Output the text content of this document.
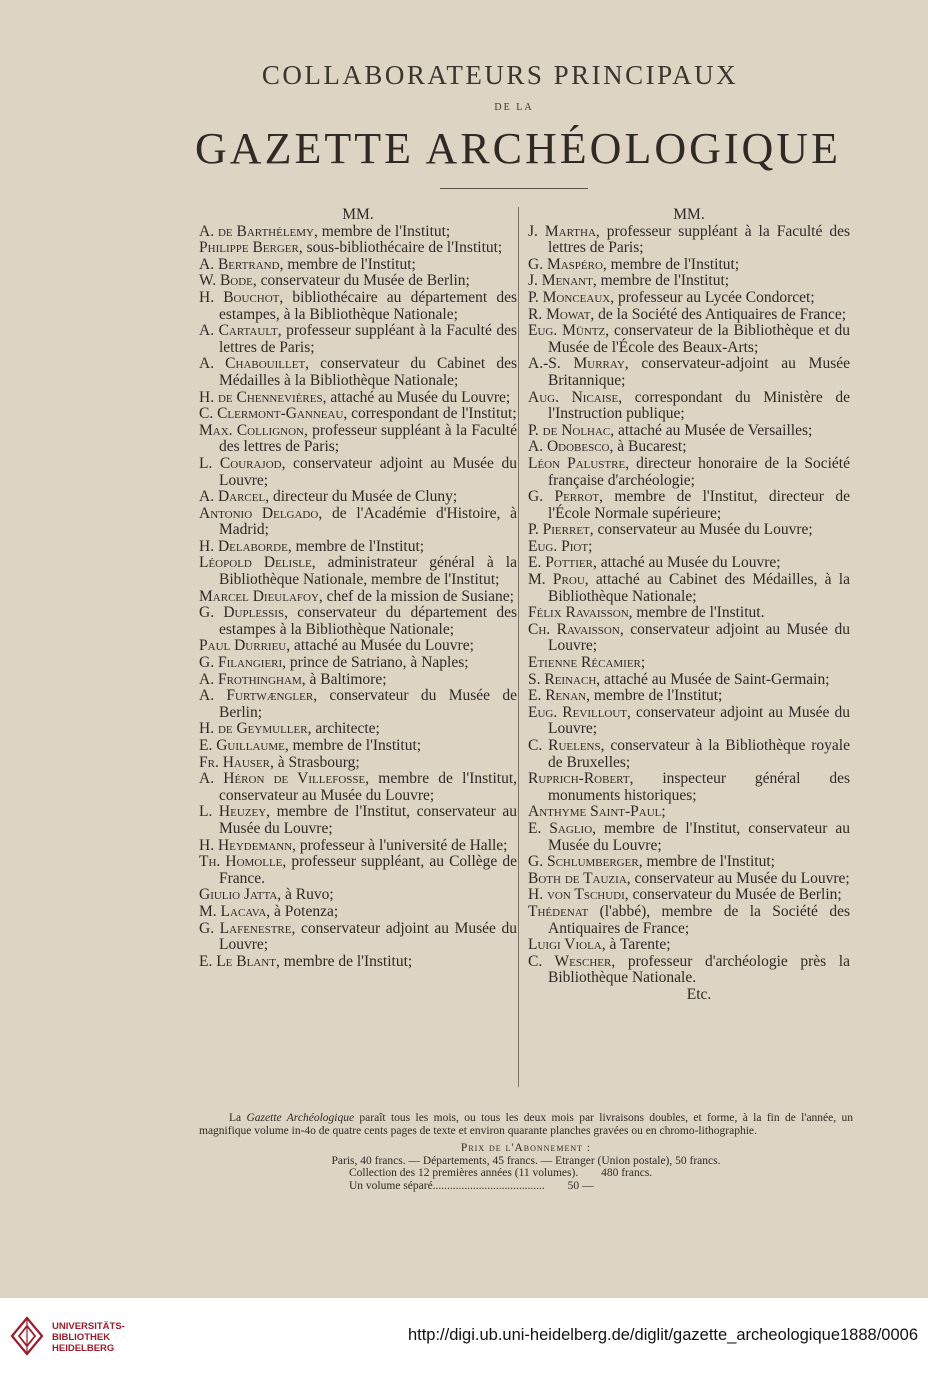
COLLABORATEURS PRINCIPAUX
DE LA
GAZETTE ARCHÉOLOGIQUE
MM.
A. de Barthélemy, membre de l'Institut;
Philippe Berger, sous-bibliothécaire de l'Institut;
A. Bertrand, membre de l'Institut;
W. Bode, conservateur du Musée de Berlin;
H. Bouchot, bibliothécaire au département des estampes, à la Bibliothèque Nationale;
A. Cartault, professeur suppléant à la Faculté des lettres de Paris;
A. Chabouillet, conservateur du Cabinet des Médailles à la Bibliothèque Nationale;
H. de Chennevières, attaché au Musée du Louvre;
C. Clermont-Ganneau, correspondant de l'Institut;
Max. Collignon, professeur suppléant à la Faculté des lettres de Paris;
L. Courajod, conservateur adjoint au Musée du Louvre;
A. Darcel, directeur du Musée de Cluny;
Antonio Delgado, de l'Académie d'Histoire, à Madrid;
H. Delaborde, membre de l'Institut;
Léopold Delisle, administrateur général à la Bibliothèque Nationale, membre de l'Institut;
Marcel Dieulafoy, chef de la mission de Susiane;
G. Duplessis, conservateur du département des estampes à la Bibliothèque Nationale;
Paul Durrieu, attaché au Musée du Louvre;
G. Filangieri, prince de Satriano, à Naples;
A. Frothingham, à Baltimore;
A. Furtwængler, conservateur du Musée de Berlin;
H. de Geymuller, architecte;
E. Guillaume, membre de l'Institut;
Fr. Hauser, à Strasbourg;
A. Héron de Villefosse, membre de l'Institut, conservateur au Musée du Louvre;
L. Heuzey, membre de l'Institut, conservateur au Musée du Louvre;
H. Heydemann, professeur à l'université de Halle;
Th. Homolle, professeur suppléant, au Collège de France.
Giulio Jatta, à Ruvo;
M. Lacava, à Potenza;
G. Lafenestre, conservateur adjoint au Musée du Louvre;
E. Le Blant, membre de l'Institut;
MM.
J. Martha, professeur suppléant à la Faculté des lettres de Paris;
G. Maspéro, membre de l'Institut;
J. Menant, membre de l'Institut;
P. Monceaux, professeur au Lycée Condorcet;
R. Mowat, de la Société des Antiquaires de France;
Eug. Müntz, conservateur de la Bibliothèque et du Musée de l'École des Beaux-Arts;
A.-S. Murray, conservateur-adjoint au Musée Britannique;
Aug. Nicaise, correspondant du Ministère de l'Instruction publique;
P. de Nolhac, attaché au Musée de Versailles;
A. Odobesco, à Bucarest;
Léon Palustre, directeur honoraire de la Société française d'archéologie;
G. Perrot, membre de l'Institut, directeur de l'École Normale supérieure;
P. Pierret, conservateur au Musée du Louvre;
Eug. Piot;
E. Pottier, attaché au Musée du Louvre;
M. Prou, attaché au Cabinet des Médailles, à la Bibliothèque Nationale;
Félix Ravaisson, membre de l'Institut.
Ch. Ravaisson, conservateur adjoint au Musée du Louvre;
Etienne Récamier;
S. Reinach, attaché au Musée de Saint-Germain;
E. Renan, membre de l'Institut;
Eug. Revillout, conservateur adjoint au Musée du Louvre;
C. Ruelens, conservateur à la Bibliothèque royale de Bruxelles;
Ruprich-Robert, inspecteur général des monuments historiques;
Anthyme Saint-Paul;
E. Saglio, membre de l'Institut, conservateur au Musée du Louvre;
G. Schlumberger, membre de l'Institut;
Both de Tauzia, conservateur au Musée du Louvre;
H. von Tschudi, conservateur du Musée de Berlin;
Thédenat (l'abbé), membre de la Société des Antiquaires de France;
Luigi Viola, à Tarente;
C. Wescher, professeur d'archéologie près la Bibliothèque Nationale.
Etc.
La Gazette Archéologique paraît tous les mois, ou tous les deux mois par livraisons doubles, et forme, à la fin de l'année, un magnifique volume in-4o de quatre cents pages de texte et environ quarante planches gravées ou en chromo-lithographie.
Prix de l'Abonnement :
Paris, 40 francs. — Départements, 45 francs. — Etranger (Union postale), 50 francs.
Collection des 12 premières années (11 volumes). 480 francs.
Un volume séparé....................................... 50 —
UNIVERSITÄTS-
BIBLIOTHEK
HEIDELBERG
http://digi.ub.uni-heidelberg.de/diglit/gazette_archeologique1888/0006
